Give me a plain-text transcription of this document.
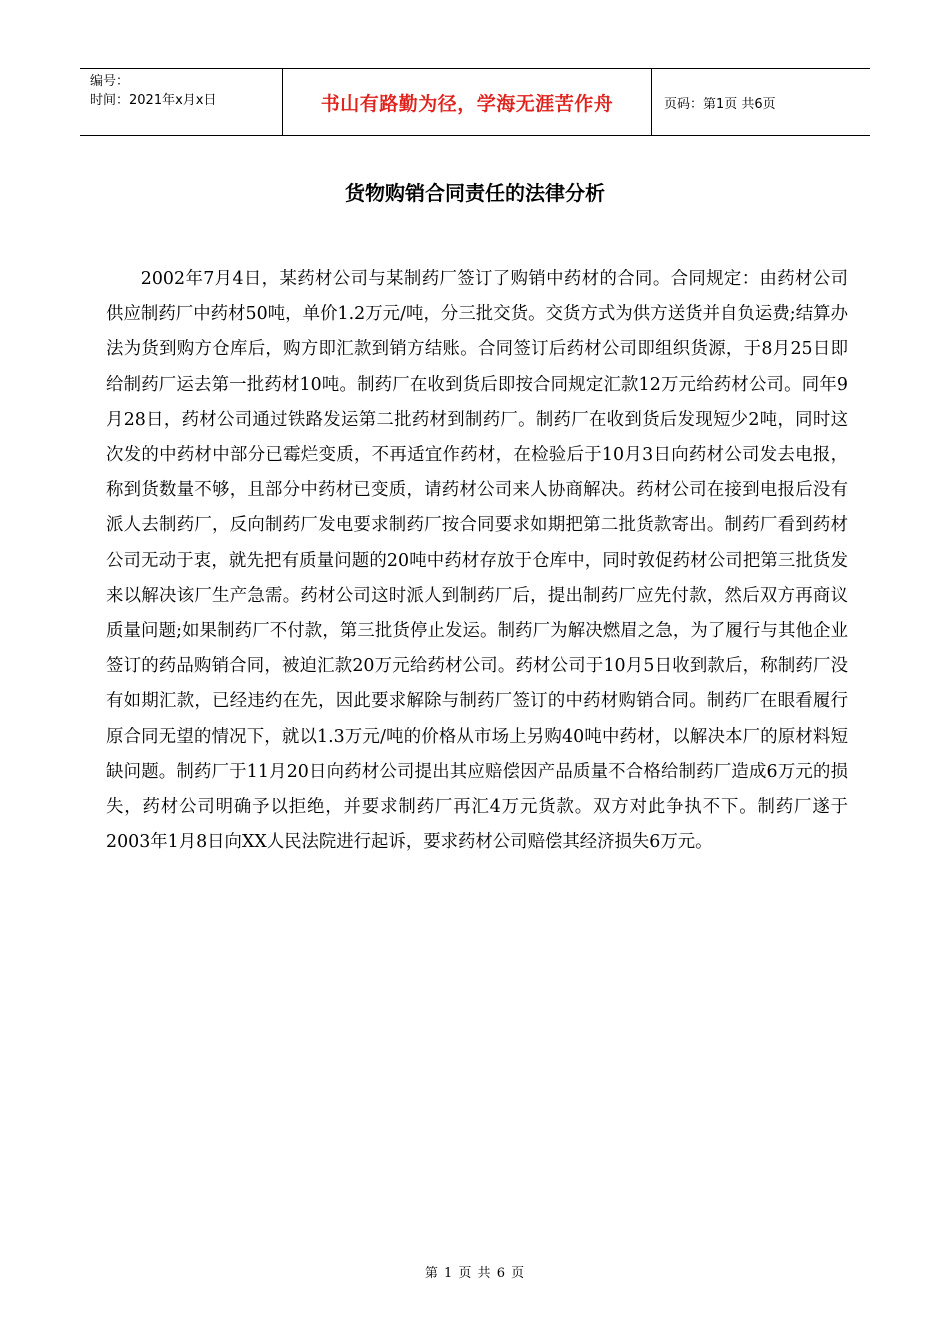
编号：
时间：2021年x月x日	书山有路勤为径，学海无涯苦作舟	页码：第1页 共6页
货物购销合同责任的法律分析

2002年7月4日，某药材公司与某制药厂签订了购销中药材的合同。合同规定：由药材公司供应制药厂中药材50吨，单价1.2万元/吨，分三批交货。交货方式为供方送货并自负运费;结算办法为货到购方仓库后，购方即汇款到销方结账。合同签订后药材公司即组织货源，于8月25日即给制药厂运去第一批药材10吨。制药厂在收到货后即按合同规定汇款12万元给药材公司。同年9月28日，药材公司通过铁路发运第二批药材到制药厂。制药厂在收到货后发现短少2吨，同时这次发的中药材中部分已霉烂变质，不再适宜作药材，在检验后于10月3日向药材公司发去电报，称到货数量不够，且部分中药材已变质，请药材公司来人协商解决。药材公司在接到电报后没有派人去制药厂，反向制药厂发电要求制药厂按合同要求如期把第二批货款寄出。制药厂看到药材公司无动于衷，就先把有质量问题的20吨中药材存放于仓库中，同时敦促药材公司把第三批货发来以解决该厂生产急需。药材公司这时派人到制药厂后，提出制药厂应先付款，然后双方再商议质量问题;如果制药厂不付款，第三批货停止发运。制药厂为解决燃眉之急，为了履行与其他企业签订的药品购销合同，被迫汇款20万元给药材公司。药材公司于10月5日收到款后，称制药厂没有如期汇款，已经违约在先，因此要求解除与制药厂签订的中药材购销合同。制药厂在眼看履行原合同无望的情况下，就以1.3万元/吨的价格从市场上另购40吨中药材，以解决本厂的原材料短缺问题。制药厂于11月20日向药材公司提出其应赔偿因产品质量不合格给制药厂造成6万元的损失，药材公司明确予以拒绝，并要求制药厂再汇4万元货款。双方对此争执不下。制药厂遂于2003年1月8日向XX人民法院进行起诉，要求药材公司赔偿其经济损失6万元。

第 1 页 共 6 页
